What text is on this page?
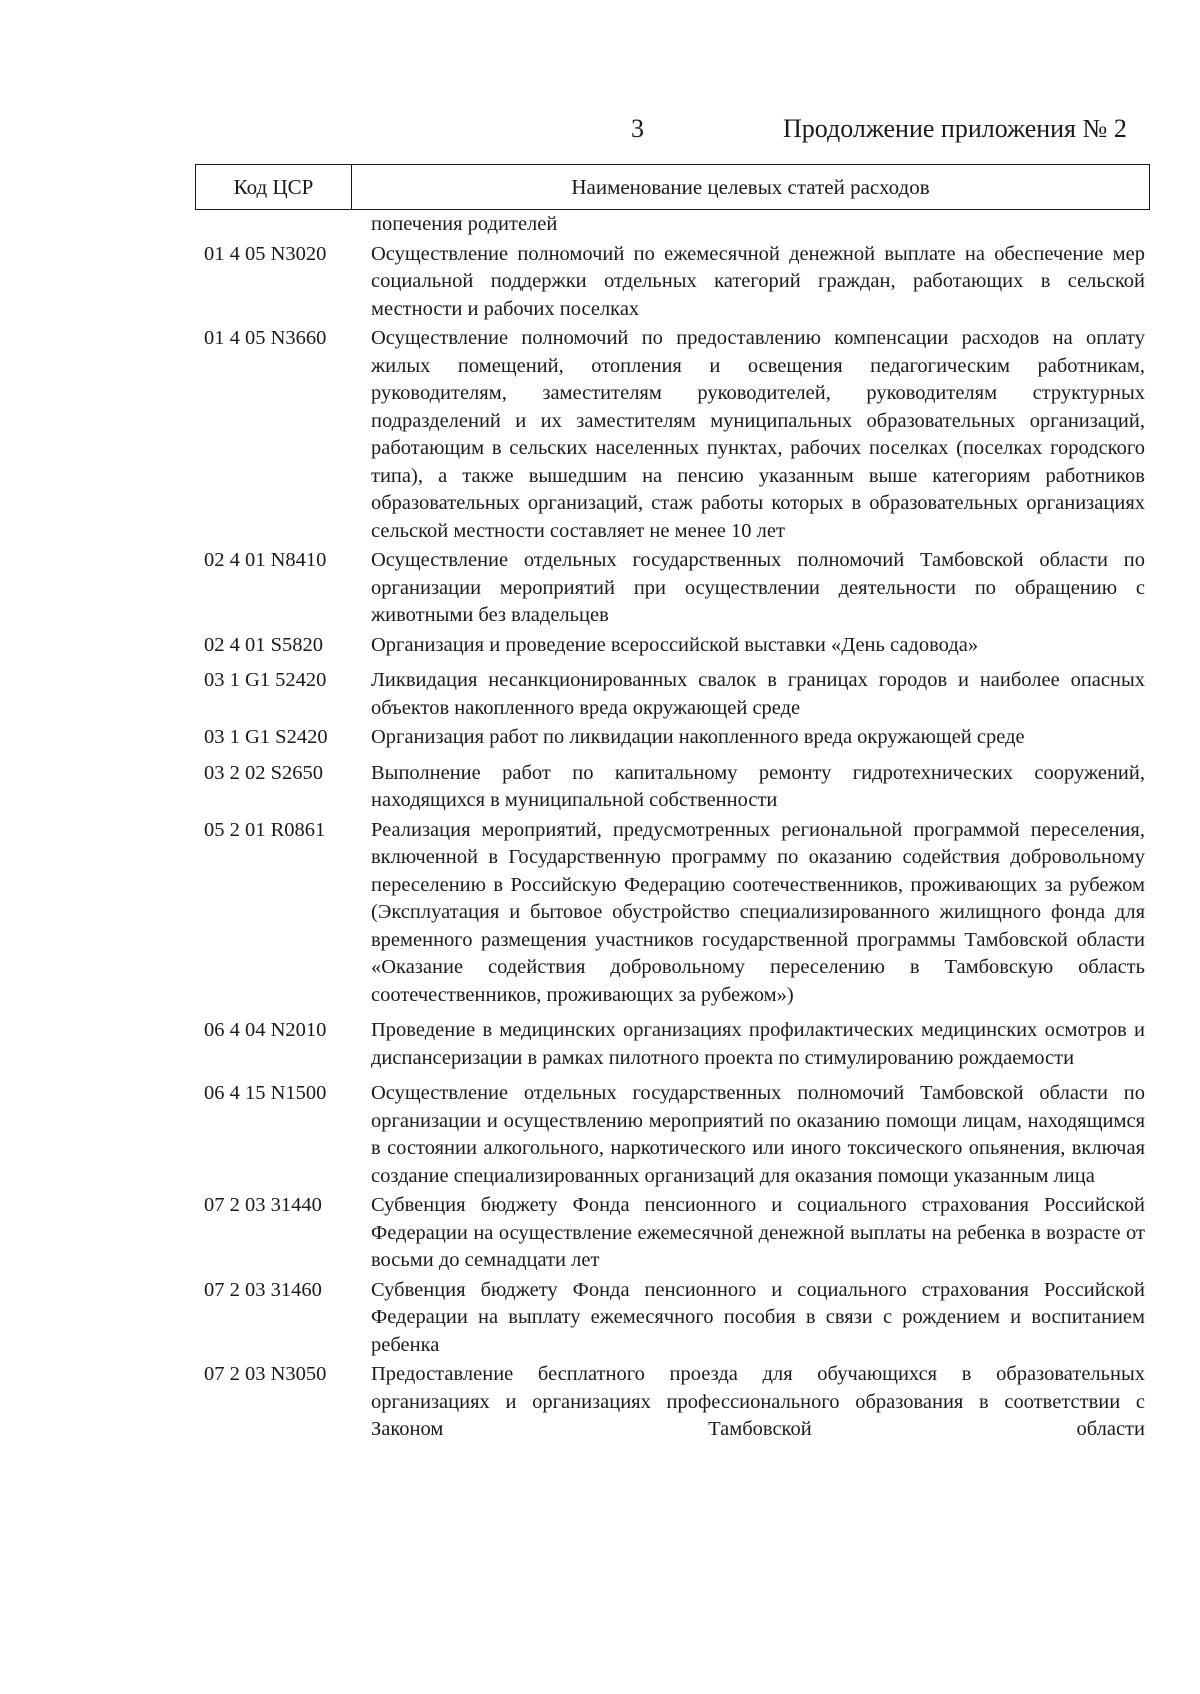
3	Продолжение приложения № 2
Код ЦСР	Наименование целевых статей расходов
попечения родителей
01 4 05 N3020	Осуществление полномочий по ежемесячной денежной выплате на обеспечение мер социальной поддержки отдельных категорий граждан, работающих в сельской местности и рабочих поселках
01 4 05 N3660	Осуществление полномочий по предоставлению компенсации расходов на оплату жилых помещений, отопления и освещения педагогическим работникам, руководителям, заместителям руководителей, руководителям структурных подразделений и их заместителям муниципальных образовательных организаций, работающим в сельских населенных пунктах, рабочих поселках (поселках городского типа), а также вышедшим на пенсию указанным выше категориям работников образовательных организаций, стаж работы которых в образовательных организациях сельской местности составляет не менее 10 лет
02 4 01 N8410	Осуществление отдельных государственных полномочий Тамбовской области по организации мероприятий при осуществлении деятельности по обращению с животными без владельцев
02 4 01 S5820	Организация и проведение всероссийской выставки «День садовода»
03 1 G1 52420	Ликвидация несанкционированных свалок в границах городов и наиболее опасных объектов накопленного вреда окружающей среде
03 1 G1 S2420	Организация работ по ликвидации накопленного вреда окружающей среде
03 2 02 S2650	Выполнение работ по капитальному ремонту гидротехнических сооружений, находящихся в муниципальной собственности
05 2 01 R0861	Реализация мероприятий, предусмотренных региональной программой переселения, включенной в Государственную программу по оказанию содействия добровольному переселению в Российскую Федерацию соотечественников, проживающих за рубежом (Эксплуатация и бытовое обустройство специализированного жилищного фонда для временного размещения участников государственной программы Тамбовской области «Оказание содействия добровольному переселению в Тамбовскую область соотечественников, проживающих за рубежом»)
06 4 04 N2010	Проведение в медицинских организациях профилактических медицинских осмотров и диспансеризации в рамках пилотного проекта по стимулированию рождаемости
06 4 15 N1500	Осуществление отдельных государственных полномочий Тамбовской области по организации и осуществлению мероприятий по оказанию помощи лицам, находящимся в состоянии алкогольного, наркотического или иного токсического опьянения, включая создание специализированных организаций для оказания помощи указанным лица
07 2 03 31440	Субвенция бюджету Фонда пенсионного и социального страхования Российской Федерации на осуществление ежемесячной денежной выплаты на ребенка в возрасте от восьми до семнадцати лет
07 2 03 31460	Субвенция бюджету Фонда пенсионного и социального страхования Российской Федерации на выплату ежемесячного пособия в связи с рождением и воспитанием ребенка
07 2 03 N3050	Предоставление бесплатного проезда для обучающихся в образовательных организациях и организациях профессионального образования в соответствии с Законом Тамбовской области
